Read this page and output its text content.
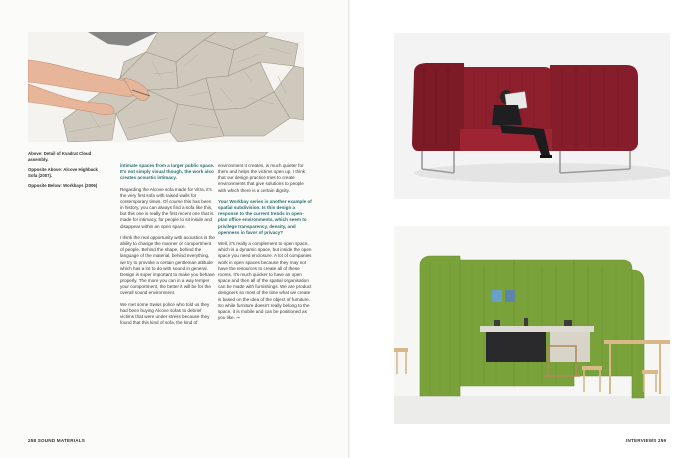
Above: Detail of Kvadrat Cloud assembly.
Opposite Above: Alcove Highback Sofa (2007).
Opposite Below: Workbays (2006)

intimate spaces from a larger public space. It's not simply visual though, the work also creates acoustic intimacy.

Regarding the Alcove sofa made for Vitra, it's the very first sofa with raised walls for contemporary times. Of course this has been in history, you can always find a sofa like this, but this one is really the first recent one that is made for intimacy, for people to sit inside and disappear within an open space.

I think the real opportunity with acoustics is the ability to change the manner or comportment of people. Behind the shape, behind the language of the material, behind everything, we try to provoke a certain gentleman attitude which has a lot to do with sound in general. Design is super important to make you behave properly. The more you can in a way temper your comportment, the better it will be for the overall sound environment.

We met some Swiss police who told us they had been buying Alcove sofas to debrief victims that were under stress because they found that this kind of sofa, the kind of

environment it creates, is much quieter for them and helps the victims open up. I think that our design practice tries to create environments that give solutions to people with which there is a certain dignity.

Your Workbay series is another example of spatial subdivision. Is this design a response to the current trends in open-plan office environments, which seem to privilege transparency, density, and openness in favor of privacy?

Well, it's really a complement to open space, which is a dynamic space, but inside the open space you need enclosure. A lot of companies work in open spaces because they may not have the resources to create all of these rooms. It's much quicker to have an open space and then all of the spatial organisation can be made with furnishings. We are product designers so most of the time what we create is based on the idea of the object of furniture. So while furniture doesn't really belong to the space, it is mobile and can be positioned as you like. ⊸

258 SOUND MATERIALS	INTERVIEWS 259
